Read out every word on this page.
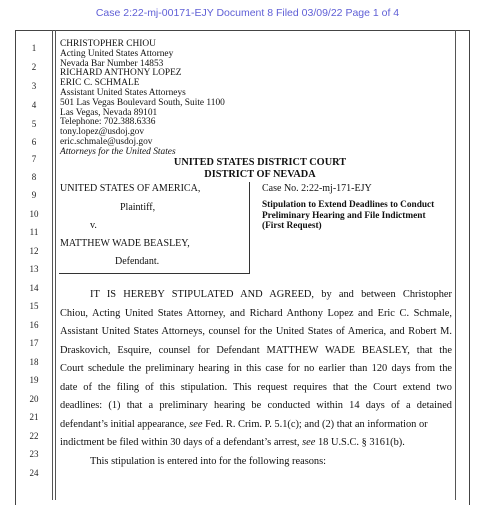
Case 2:22-mj-00171-EJY Document 8 Filed 03/09/22 Page 1 of 4
1
2
3
4
5
6
7
8
9
10
11
12
13
14
15
16
17
18
19
20
21
22
23
24
CHRISTOPHER CHIOU
Acting United States Attorney
Nevada Bar Number 14853
RICHARD ANTHONY LOPEZ
ERIC C. SCHMALE
Assistant United States Attorneys
501 Las Vegas Boulevard South, Suite 1100
Las Vegas, Nevada 89101
Telephone: 702.388.6336
tony.lopez@usdoj.gov
eric.schmale@usdoj.gov
Attorneys for the United States
UNITED STATES DISTRICT COURT
DISTRICT OF NEVADA
UNITED STATES OF AMERICA,
Plaintiff,
v.
MATTHEW WADE BEASLEY,
Defendant.
Case No. 2:22-mj-171-EJY

Stipulation to Extend Deadlines to Conduct Preliminary Hearing and File Indictment (First Request)

IT IS HEREBY STIPULATED AND AGREED, by and between Christopher

Chiou, Acting United States Attorney, and Richard Anthony Lopez and Eric C. Schmale,

Assistant United States Attorneys, counsel for the United States of America, and Robert M.

Draskovich, Esquire, counsel for Defendant MATTHEW WADE BEASLEY, that the

Court schedule the preliminary hearing in this case for no earlier than 120 days from the

date of the filing of this stipulation. This request requires that the Court extend two

deadlines: (1) that a preliminary hearing be conducted within 14 days of a detained

defendant’s initial appearance, see Fed. R. Crim. P. 5.1(c); and (2) that an information or

indictment be filed within 30 days of a defendant’s arrest, see 18 U.S.C. § 3161(b).

This stipulation is entered into for the following reasons:
